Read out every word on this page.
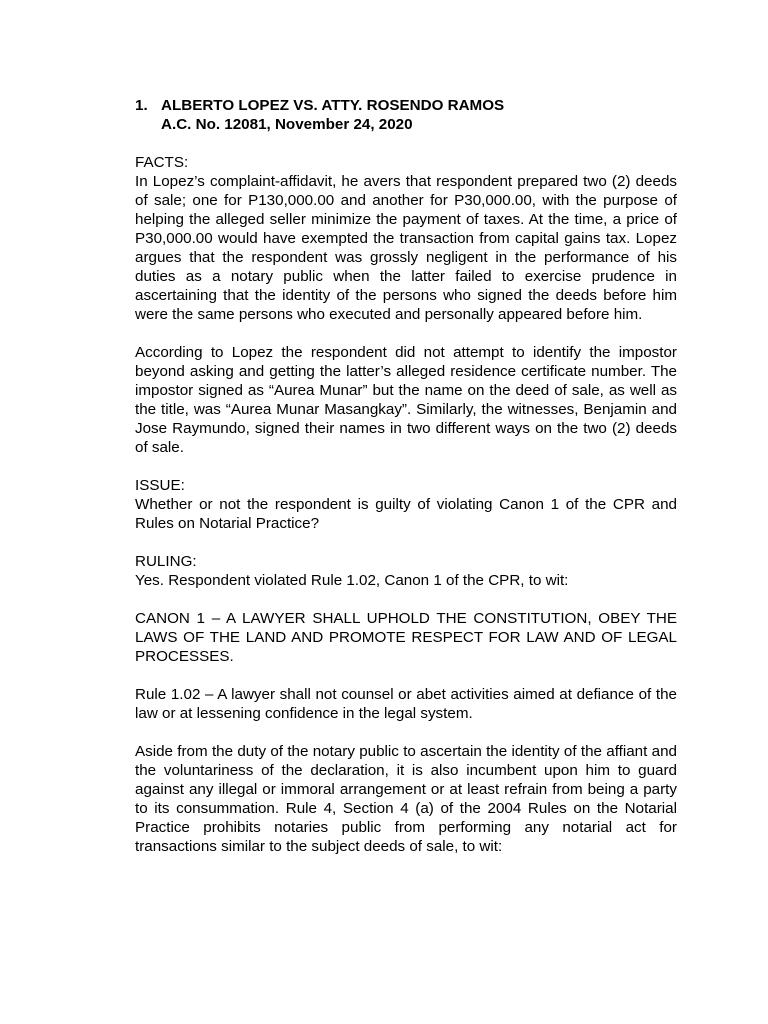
1. ALBERTO LOPEZ VS. ATTY. ROSENDO RAMOS
A.C. No. 12081, November 24, 2020

FACTS:

In Lopez’s complaint-affidavit, he avers that respondent prepared two (2) deeds of sale; one for P130,000.00 and another for P30,000.00, with the purpose of helping the alleged seller minimize the payment of taxes. At the time, a price of P30,000.00 would have exempted the transaction from capital gains tax. Lopez argues that the respondent was grossly negligent in the performance of his duties as a notary public when the latter failed to exercise prudence in ascertaining that the identity of the persons who signed the deeds before him were the same persons who executed and personally appeared before him.

According to Lopez the respondent did not attempt to identify the impostor beyond asking and getting the latter’s alleged residence certificate number. The impostor signed as “Aurea Munar” but the name on the deed of sale, as well as the title, was “Aurea Munar Masangkay”. Similarly, the witnesses, Benjamin and Jose Raymundo, signed their names in two different ways on the two (2) deeds of sale.

ISSUE:

Whether or not the respondent is guilty of violating Canon 1 of the CPR and Rules on Notarial Practice?

RULING:

Yes. Respondent violated Rule 1.02, Canon 1 of the CPR, to wit:

CANON 1 – A LAWYER SHALL UPHOLD THE CONSTITUTION, OBEY THE LAWS OF THE LAND AND PROMOTE RESPECT FOR LAW AND OF LEGAL PROCESSES.

Rule 1.02 – A lawyer shall not counsel or abet activities aimed at defiance of the law or at lessening confidence in the legal system.

Aside from the duty of the notary public to ascertain the identity of the affiant and the voluntariness of the declaration, it is also incumbent upon him to guard against any illegal or immoral arrangement or at least refrain from being a party to its consummation. Rule 4, Section 4 (a) of the 2004 Rules on the Notarial Practice prohibits notaries public from performing any notarial act for transactions similar to the subject deeds of sale, to wit:
